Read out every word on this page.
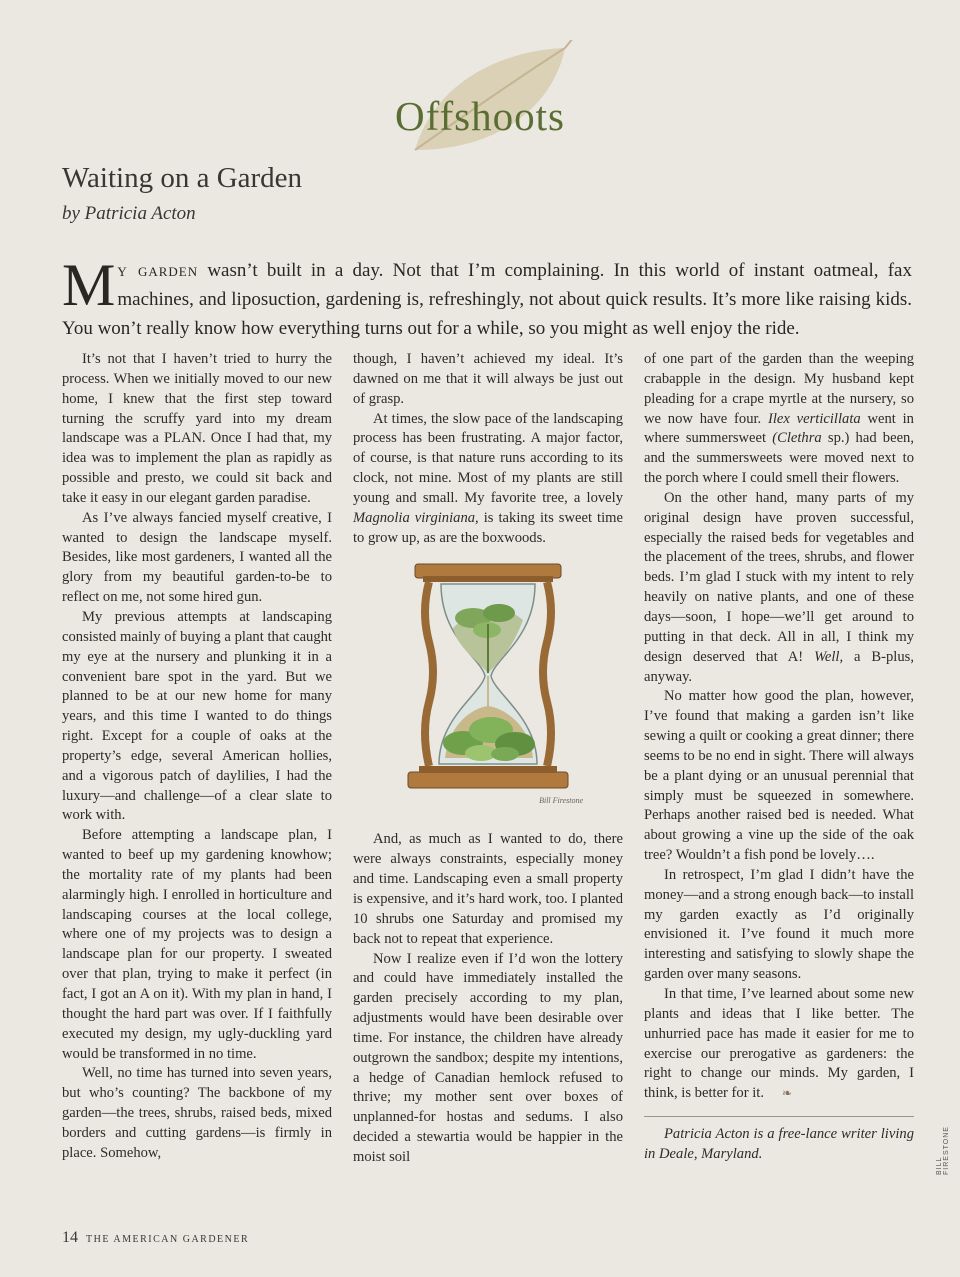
Offshoots
Waiting on a Garden
by Patricia Acton

My garden wasn’t built in a day. Not that I’m complaining. In this world of instant oatmeal, fax machines, and liposuction, gardening is, refreshingly, not about quick results. It’s more like raising kids. You won’t really know how everything turns out for a while, so you might as well enjoy the ride.

It’s not that I haven’t tried to hurry the process. When we initially moved to our new home, I knew that the first step toward turning the scruffy yard into my dream landscape was a PLAN. Once I had that, my idea was to implement the plan as rapidly as possible and presto, we could sit back and take it easy in our elegant garden paradise.

As I’ve always fancied myself creative, I wanted to design the landscape myself. Besides, like most gardeners, I wanted all the glory from my beautiful garden-to-be to reflect on me, not some hired gun.

My previous attempts at landscaping consisted mainly of buying a plant that caught my eye at the nursery and plunking it in a convenient bare spot in the yard. But we planned to be at our new home for many years, and this time I wanted to do things right. Except for a couple of oaks at the property’s edge, several American hollies, and a vigorous patch of daylilies, I had the luxury—and challenge—of a clear slate to work with.

Before attempting a landscape plan, I wanted to beef up my gardening knowhow; the mortality rate of my plants had been alarmingly high. I enrolled in horticulture and landscaping courses at the local college, where one of my projects was to design a landscape plan for our property. I sweated over that plan, trying to make it perfect (in fact, I got an A on it). With my plan in hand, I thought the hard part was over. If I faithfully executed my design, my ugly-duckling yard would be transformed in no time.

Well, no time has turned into seven years, but who’s counting? The backbone of my garden—the trees, shrubs, raised beds, mixed borders and cutting gardens—is firmly in place. Somehow,

though, I haven’t achieved my ideal. It’s dawned on me that it will always be just out of grasp.

At times, the slow pace of the landscaping process has been frustrating. A major factor, of course, is that nature runs according to its clock, not mine. Most of my plants are still young and small. My favorite tree, a lovely Magnolia virginiana, is taking its sweet time to grow up, as are the boxwoods.

Bill Firestone

And, as much as I wanted to do, there were always constraints, especially money and time. Landscaping even a small property is expensive, and it’s hard work, too. I planted 10 shrubs one Saturday and promised my back not to repeat that experience.

Now I realize even if I’d won the lottery and could have immediately installed the garden precisely according to my plan, adjustments would have been desirable over time. For instance, the children have already outgrown the sandbox; despite my intentions, a hedge of Canadian hemlock refused to thrive; my mother sent over boxes of unplanned-for hostas and sedums. I also decided a stewartia would be happier in the moist soil

of one part of the garden than the weeping crabapple in the design. My husband kept pleading for a crape myrtle at the nursery, so we now have four. Ilex verticillata went in where summersweet (Clethra sp.) had been, and the summersweets were moved next to the porch where I could smell their flowers.

On the other hand, many parts of my original design have proven successful, especially the raised beds for vegetables and the placement of the trees, shrubs, and flower beds. I’m glad I stuck with my intent to rely heavily on native plants, and one of these days—soon, I hope—we’ll get around to putting in that deck. All in all, I think my design deserved that A! Well, a B-plus, anyway.

No matter how good the plan, however, I’ve found that making a garden isn’t like sewing a quilt or cooking a great dinner; there seems to be no end in sight. There will always be a plant dying or an unusual perennial that simply must be squeezed in somewhere. Perhaps another raised bed is needed. What about growing a vine up the side of the oak tree? Wouldn’t a fish pond be lovely….

In retrospect, I’m glad I didn’t have the money—and a strong enough back—to install my garden exactly as I’d originally envisioned it. I’ve found it much more interesting and satisfying to slowly shape the garden over many seasons.

In that time, I’ve learned about some new plants and ideas that I like better. The unhurried pace has made it easier for me to exercise our prerogative as gardeners: the right to change our minds. My garden, I think, is better for it. ❧

Patricia Acton is a free-lance writer living in Deale, Maryland.

14 THE AMERICAN GARDENER
BILL FIRESTONE
